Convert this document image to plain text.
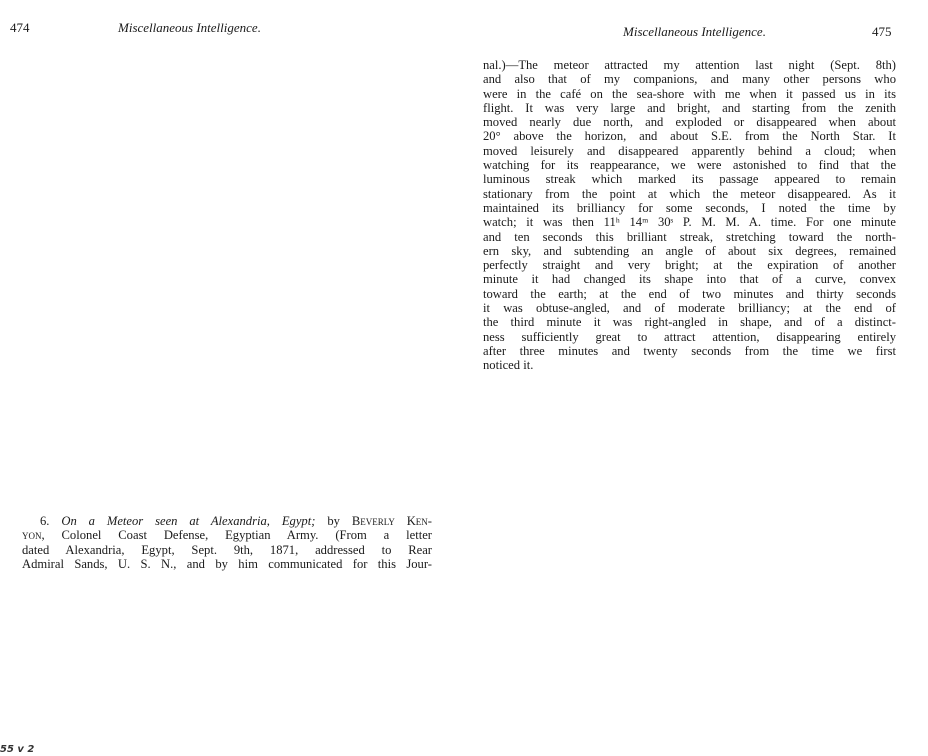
474	Miscellaneous Intelligence.
6. On a Meteor seen at Alexandria, Egypt; by Beverly Ken-
yon, Colonel Coast Defense, Egyptian Army. (From a letter
dated Alexandria, Egypt, Sept. 9th, 1871, addressed to Rear
Admiral Sands, U. S. N., and by him communicated for this Jour-
55 v 2
Miscellaneous Intelligence.	475
nal.)—The meteor attracted my attention last night (Sept. 8th)
and also that of my companions, and many other persons who
were in the café on the sea-shore with me when it passed us in its
flight. It was very large and bright, and starting from the zenith
moved nearly due north, and exploded or disappeared when about
20° above the horizon, and about S.E. from the North Star. It
moved leisurely and disappeared apparently behind a cloud; when
watching for its reappearance, we were astonished to find that the
luminous streak which marked its passage appeared to remain
stationary from the point at which the meteor disappeared. As it
maintained its brilliancy for some seconds, I noted the time by
watch; it was then 11ʰ 14ᵐ 30ˢ P. M. M. A. time. For one minute
and ten seconds this brilliant streak, stretching toward the north-
ern sky, and subtending an angle of about six degrees, remained
perfectly straight and very bright; at the expiration of another
minute it had changed its shape into that of a curve, convex
toward the earth; at the end of two minutes and thirty seconds
it was obtuse-angled, and of moderate brilliancy; at the end of
the third minute it was right-angled in shape, and of a distinct-
ness sufficiently great to attract attention, disappearing entirely
after three minutes and twenty seconds from the time we first
noticed it.
